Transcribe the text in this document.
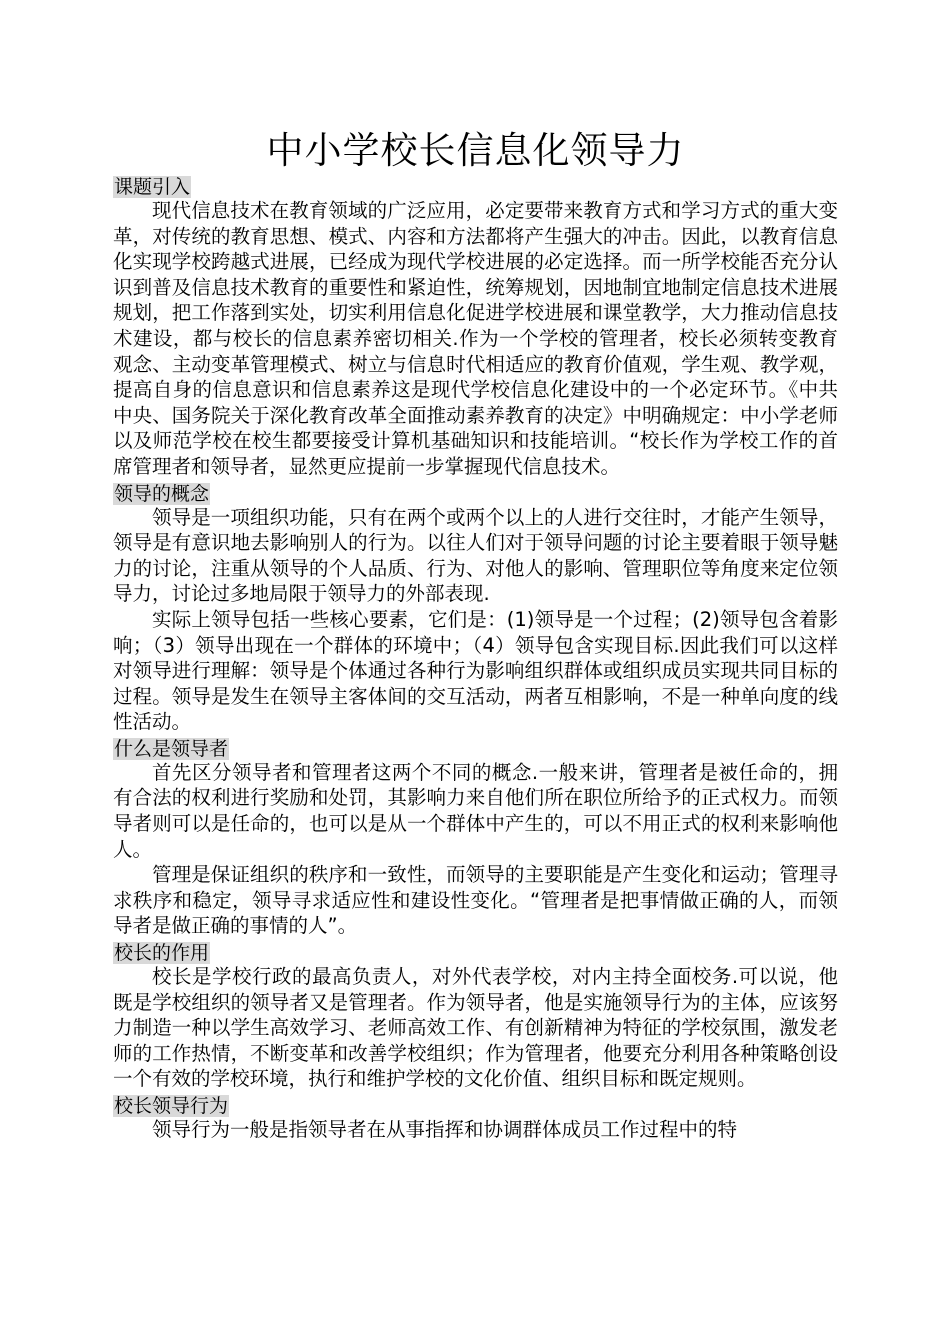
中小学校长信息化领导力
课题引入

现代信息技术在教育领域的广泛应用，必定要带来教育方式和学习方式的重大变革，对传统的教育思想、模式、内容和方法都将产生强大的冲击。因此，以教育信息化实现学校跨越式进展，已经成为现代学校进展的必定选择。而一所学校能否充分认识到普及信息技术教育的重要性和紧迫性，统筹规划，因地制宜地制定信息技术进展规划，把工作落到实处，切实利用信息化促进学校进展和课堂教学，大力推动信息技术建设，都与校长的信息素养密切相关.作为一个学校的管理者，校长必须转变教育观念、主动变革管理模式、树立与信息时代相适应的教育价值观，学生观、教学观，提高自身的信息意识和信息素养这是现代学校信息化建设中的一个必定环节。《中共中央、国务院关于深化教育改革全面推动素养教育的决定》中明确规定：中小学老师以及师范学校在校生都要接受计算机基础知识和技能培训。“校长作为学校工作的首席管理者和领导者，显然更应提前一步掌握现代信息技术。

领导的概念

领导是一项组织功能，只有在两个或两个以上的人进行交往时，才能产生领导，领导是有意识地去影响别人的行为。以往人们对于领导问题的讨论主要着眼于领导魅力的讨论，注重从领导的个人品质、行为、对他人的影响、管理职位等角度来定位领导力，讨论过多地局限于领导力的外部表现.

实际上领导包括一些核心要素，它们是：(1)领导是一个过程；(2)领导包含着影响；（3）领导出现在一个群体的环境中；（4）领导包含实现目标.因此我们可以这样对领导进行理解：领导是个体通过各种行为影响组织群体或组织成员实现共同目标的过程。领导是发生在领导主客体间的交互活动，两者互相影响，不是一种单向度的线性活动。

什么是领导者

首先区分领导者和管理者这两个不同的概念.一般来讲，管理者是被任命的，拥有合法的权利进行奖励和处罚，其影响力来自他们所在职位所给予的正式权力。而领导者则可以是任命的，也可以是从一个群体中产生的，可以不用正式的权利来影响他人。

管理是保证组织的秩序和一致性，而领导的主要职能是产生变化和运动；管理寻求秩序和稳定，领导寻求适应性和建设性变化。“管理者是把事情做正确的人，而领导者是做正确的事情的人”。

校长的作用

校长是学校行政的最高负责人，对外代表学校，对内主持全面校务.可以说，他既是学校组织的领导者又是管理者。作为领导者，他是实施领导行为的主体，应该努力制造一种以学生高效学习、老师高效工作、有创新精神为特征的学校氛围，激发老师的工作热情，不断变革和改善学校组织；作为管理者，他要充分利用各种策略创设一个有效的学校环境，执行和维护学校的文化价值、组织目标和既定规则。

校长领导行为

领导行为一般是指领导者在从事指挥和协调群体成员工作过程中的特
